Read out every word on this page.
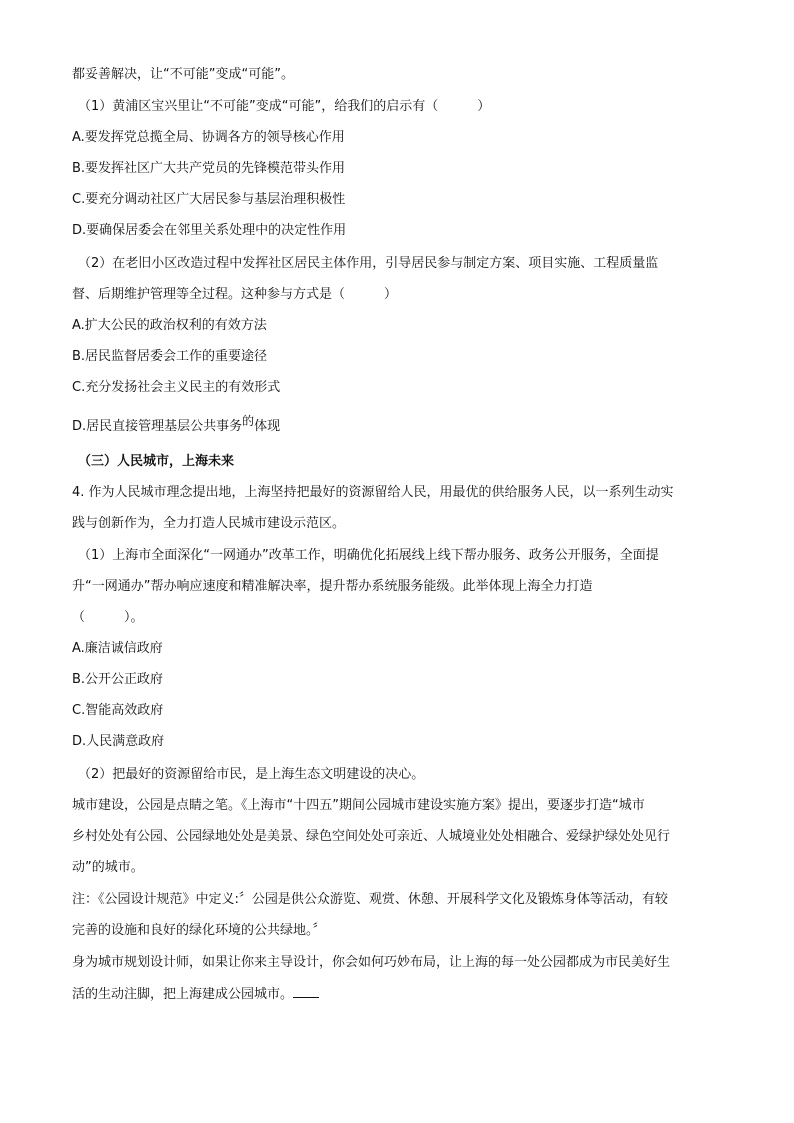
都妥善解决，让“不可能”变成“可能”。
（1）黄浦区宝兴里让“不可能”变成“可能”，给我们的启示有（　　　）
A.要发挥党总揽全局、协调各方的领导核心作用
B.要发挥社区广大共产党员的先锋模范带头作用
C.要充分调动社区广大居民参与基层治理积极性
D.要确保居委会在邻里关系处理中的决定性作用
（2）在老旧小区改造过程中发挥社区居民主体作用，引导居民参与制定方案、项目实施、工程质量监
督、后期维护管理等全过程。这种参与方式是（　　　）
A.扩大公民的政治权利的有效方法
B.居民监督居委会工作的重要途径
C.充分发扬社会主义民主的有效形式
D.居民直接管理基层公共事务的体现
（三）人民城市，上海未来
4. 作为人民城市理念提出地，上海坚持把最好的资源留给人民，用最优的供给服务人民，以一系列生动实
践与创新作为，全力打造人民城市建设示范区。
（1）上海市全面深化“一网通办”改革工作，明确优化拓展线上线下帮办服务、政务公开服务，全面提
升“一网通办”帮办响应速度和精准解决率，提升帮办系统服务能级。此举体现上海全力打造
（　　　）。
A.廉洁诚信政府
B.公开公正政府
C.智能高效政府
D.人民满意政府
（2）把最好的资源留给市民，是上海生态文明建设的决心。
城市建设，公园是点睛之笔。《上海市“十四五”期间公园城市建设实施方案》提出，要逐步打造“城市
乡村处处有公园、公园绿地处处是美景、绿色空间处处可亲近、人城境业处处相融合、爱绿护绿处处见行
动”的城市。
注：《公园设计规范》中定义:〞公园是供公众游览、观赏、休憩、开展科学文化及锻炼身体等活动，有较
完善的设施和良好的绿化环境的公共绿地。〞
身为城市规划设计师，如果让你来主导设计，你会如何巧妙布局，让上海的每一处公园都成为市民美好生
活的生动注脚，把上海建成公园城市。
